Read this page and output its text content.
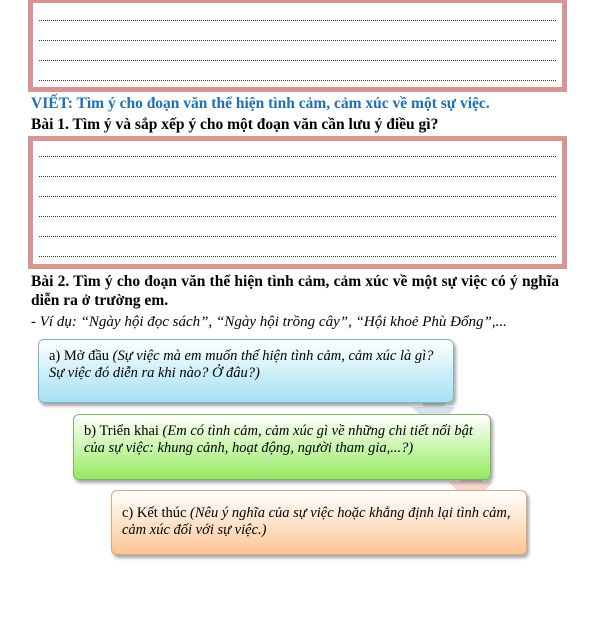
VIẾT: Tìm ý cho đoạn văn thể hiện tình cảm, cảm xúc về một sự việc.
Bài 1. Tìm ý và sắp xếp ý cho một đoạn văn cần lưu ý điều gì?
Bài 2. Tìm ý cho đoạn văn thể hiện tình cảm, cảm xúc về một sự việc có ý nghĩa diễn ra ở trường em.
- Ví dụ: “Ngày hội đọc sách”, “Ngày hội trồng cây”, “Hội khoẻ Phù Đổng”,...
a) Mở đầu (Sự việc mà em muốn thể hiện tình cảm, cảm xúc là gì? Sự việc đó diễn ra khi nào? Ở đâu?)
b) Triển khai (Em có tình cảm, cảm xúc gì về những chi tiết nổi bật của sự việc: khung cảnh, hoạt động, người tham gia,...?)
c) Kết thúc (Nêu ý nghĩa của sự việc hoặc khẳng định lại tình cảm, cảm xúc đối với sự việc.)
